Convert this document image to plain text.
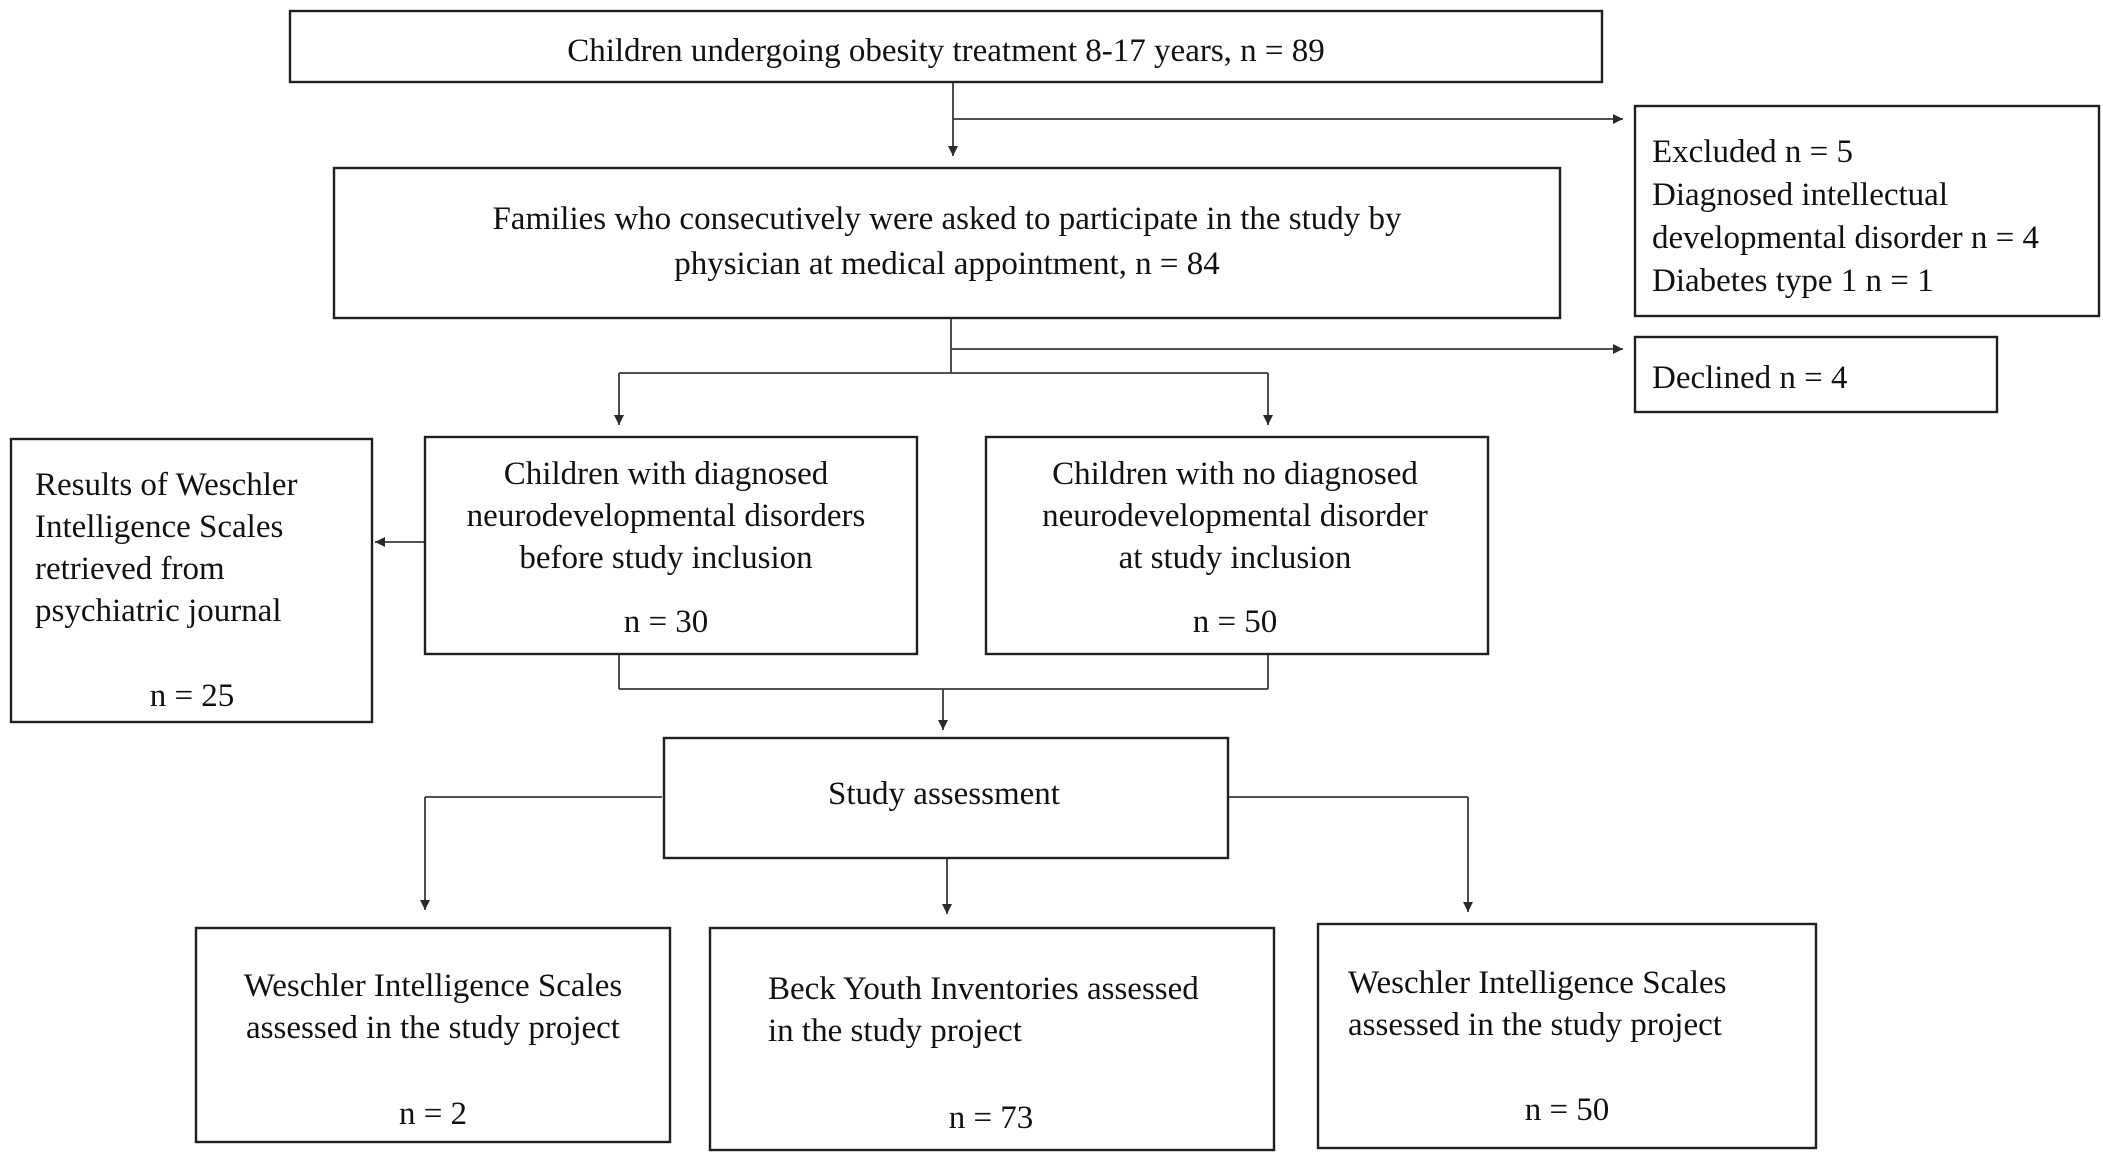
Children undergoing obesity treatment 8-17 years, n = 89
Families who consecutively were asked to participate in the study by
physician at medical appointment, n = 84
Excluded n = 5
Diagnosed intellectual
developmental disorder n = 4
Diabetes type 1 n = 1
Declined n = 4
Results of Weschler
Intelligence Scales
retrieved from
psychiatric journal
n = 25
Children with diagnosed
neurodevelopmental disorders
before study inclusion
n = 30
Children with no diagnosed
neurodevelopmental disorder
at study inclusion
n = 50
Study assessment
Weschler Intelligence Scales
assessed in the study project
n = 2
Beck Youth Inventories assessed
in the study project
n = 73
Weschler Intelligence Scales
assessed in the study project
n = 50
